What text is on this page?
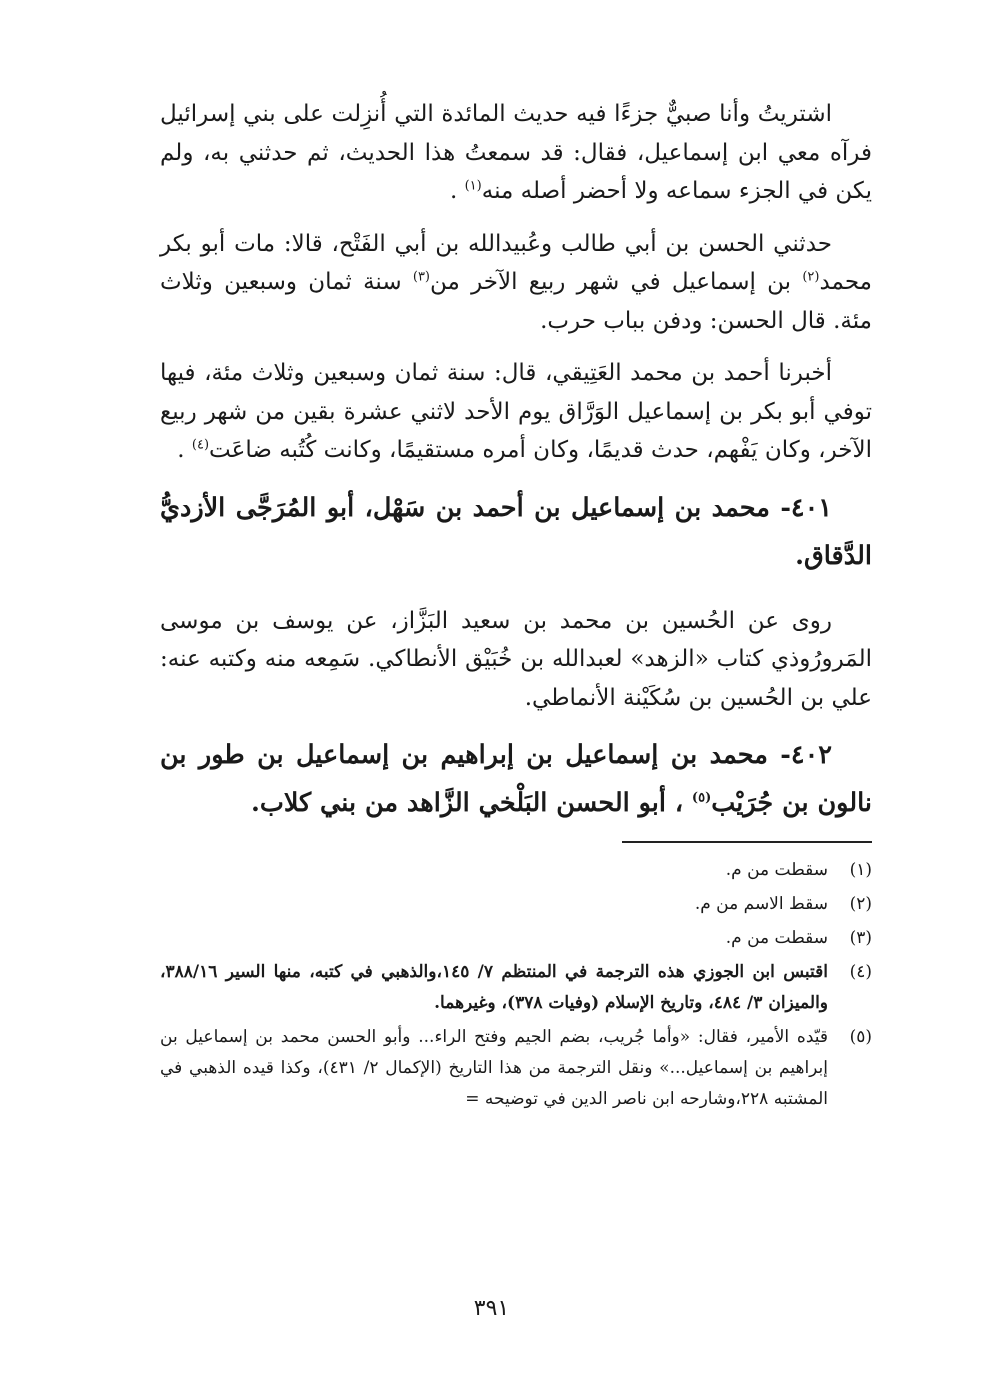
اشتريتُ وأنا صبيٌّ جزءًا فيه حديث المائدة التي أُنزِلت على بني إسرائيل فرآه معي ابن إسماعيل، فقال: قد سمعتُ هذا الحديث، ثم حدثني به، ولم يكن في الجزء سماعه ولا أحضر أصله منه$^{(١)}$ .

حدثني الحسن بن أبي طالب وعُبيدالله بن أبي الفَتْح، قالا: مات أبو بكر محمد$^{(٢)}$ بن إسماعيل في شهر ربيع الآخر من$^{(٣)}$ سنة ثمان وسبعين وثلاث مئة. قال الحسن: ودفن بباب حرب.

أخبرنا أحمد بن محمد العَتِيقي، قال: سنة ثمان وسبعين وثلاث مئة، فيها توفي أبو بكر بن إسماعيل الوَرَّاق يوم الأحد لاثني عشرة بقين من شهر ربيع الآخر، وكان يَفْهم، حدث قديمًا، وكان أمره مستقيمًا، وكانت كُتُبه ضاعَت$^{(٤)}$ .

٤٠١- محمد بن إسماعيل بن أحمد بن سَهْل، أبو المُرَجَّى الأزديُّ الدَّقاق.

روى عن الحُسين بن محمد بن سعيد البَزَّاز، عن يوسف بن موسى المَرورُوذي كتاب «الزهد» لعبدالله بن خُبَيْق الأنطاكي. سَمِعه منه وكتبه عنه: علي بن الحُسين بن سُكَيْنة الأنماطي.

٤٠٢- محمد بن إسماعيل بن إبراهيم بن إسماعيل بن طور بن نالون بن جُرَيْب$^{(٥)}$ ، أبو الحسن البَلْخي الزَّاهد من بني كلاب.

(١)
سقطت من م.
(٢)
سقط الاسم من م.
(٣)
سقطت من م.
(٤)
اقتبس ابن الجوزي هذه الترجمة في المنتظم ٧/ ١٤٥،والذهبي في كتبه، منها السير ٣٨٨/١٦، والميزان ٣/ ٤٨٤، وتاريخ الإسلام (وفيات ٣٧٨)، وغيرهما.
(٥)
قيّده الأمير، فقال: «وأما جُريب، بضم الجيم وفتح الراء... وأبو الحسن محمد بن إسماعيل بن إبراهيم بن إسماعيل...» ونقل الترجمة من هذا التاريخ (الإكمال ٢/ ٤٣١)، وكذا قيده الذهبي في المشتبه ٢٢٨،وشارحه ابن ناصر الدين في توضيحه =
٣٩١
